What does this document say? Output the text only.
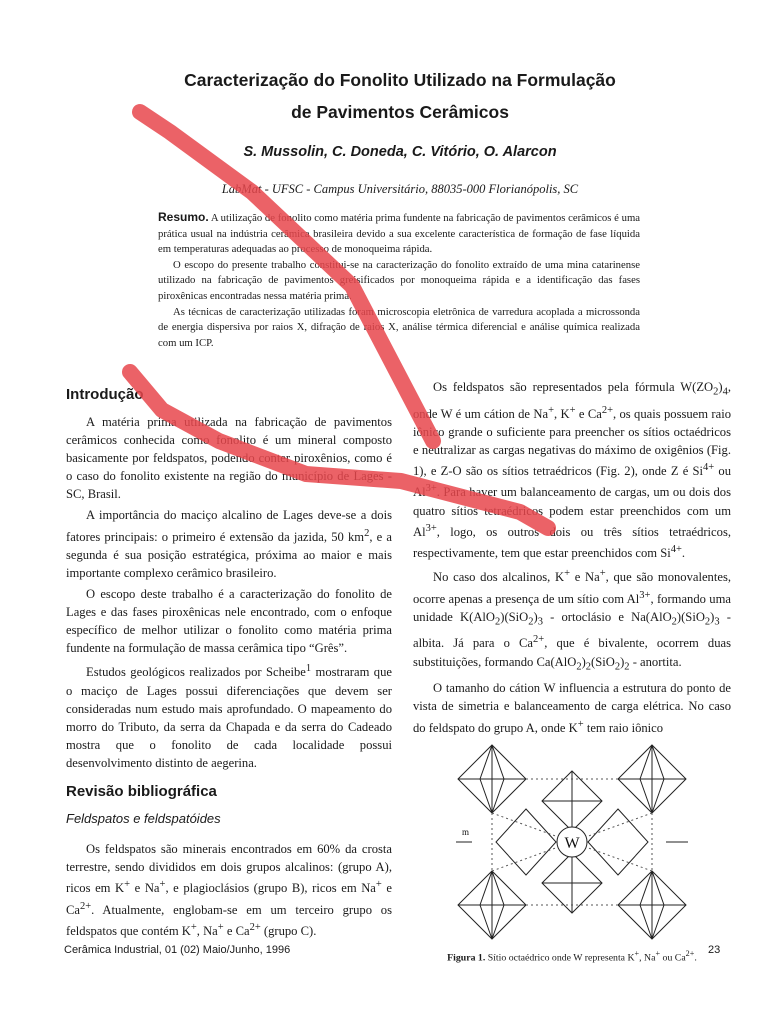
Caracterização do Fonolito Utilizado na Formulação
de Pavimentos Cerâmicos

S. Mussolin, C. Doneda, C. Vitório, O. Alarcon

LabMat - UFSC - Campus Universitário, 88035-000 Florianópolis, SC

Resumo. A utilização de fonolito como matéria prima fundente na fabricação de pavimentos cerâmicos é uma prática usual na indústria cerâmica brasileira devido a sua excelente característica de formação de fase líquida em temperaturas adequadas ao processo de monoqueima rápida.

O escopo do presente trabalho constitui-se na caracterização do fonolito extraído de uma mina catarinense utilizado na fabricação de pavimentos greisificados por monoqueima rápida e a identificação das fases piroxênicas encontradas nessa matéria prima.

As técnicas de caracterização utilizadas foram microscopia eletrônica de varredura acoplada a microssonda de energia dispersiva por raios X, difração de raios X, análise térmica diferencial e análise química realizada com um ICP.

Introdução

A matéria prima utilizada na fabricação de pavimentos cerâmicos conhecida como fonolito é um mineral composto basicamente por feldspatos, podendo conter piroxênios, como é o caso do fonolito existente na região do município de Lages - SC, Brasil.

A importância do maciço alcalino de Lages deve-se a dois fatores principais: o primeiro é extensão da jazida, 50 $km^2$, e a segunda é sua posição estratégica, próxima ao maior e mais importante complexo cerâmico brasileiro.

O escopo deste trabalho é a caracterização do fonolito de Lages e das fases piroxênicas nele encontrado, com o enfoque específico de melhor utilizar o fonolito como matéria prima fundente na formulação de massa cerâmica tipo “Grês”.

Estudos geológicos realizados por Scheibe$^1$ mostraram que o maciço de Lages possui diferenciações que devem ser consideradas num estudo mais aprofundado. O mapeamento do morro do Tributo, da serra da Chapada e da serra do Cadeado mostra que o fonolito de cada localidade possui desenvolvimento distinto de aegerina.

Revisão bibliográfica
Feldspatos e feldspatóides

Os feldspatos são minerais encontrados em 60% da crosta terrestre, sendo divididos em dois grupos alcalinos: (grupo A), ricos em K+ e Na+, e plagioclásios (grupo B), ricos em Na+ e $Ca^{2+}$. Atualmente, englobam-se em um terceiro grupo os feldspatos que contém K+, Na+ e $Ca^{2+}$ (grupo C).

Os feldspatos são representados pela fórmula $W(ZO_2)_4$, onde W é um cátion de Na+, K+ e $Ca^{2+}$, os quais possuem raio iônico grande o suficiente para preencher os sítios octaédricos e neutralizar as cargas negativas do máximo de oxigênios (Fig. 1), e Z-O são os sítios tetraédricos (Fig. 2), onde Z é $Si^{4+}$ ou $Al^{3+}$. Para haver um balanceamento de cargas, um ou dois dos quatro sítios tetraédricos podem estar preenchidos com um $Al^{3+}$, logo, os outros dois ou três sítios tetraédricos, respectivamente, tem que estar preenchidos com $Si^{4+}$.

No caso dos alcalinos, K+ e Na+, que são monovalentes, ocorre apenas a presença de um sítio com $Al^{3+}$, formando uma unidade $K(AlO_2)(SiO_2)_3$ - ortoclásio e $Na(AlO_2)(SiO_2)_3$ - albita. Já para o $Ca^{2+}$, que é bivalente, ocorrem duas substituições, formando $Ca(AlO_2)_2(SiO_2)_2$ - anortita.

O tamanho do cátion W influencia a estrutura do ponto de vista de simetria e balanceamento de carga elétrica. No caso do feldspato do grupo A, onde K+ tem raio iônico

W
m
Figura 1. Sítio octaédrico onde W representa K+, Na+ ou $Ca^{2+}$.
Cerâmica Industrial, 01 (02) Maio/Junho, 1996	23
